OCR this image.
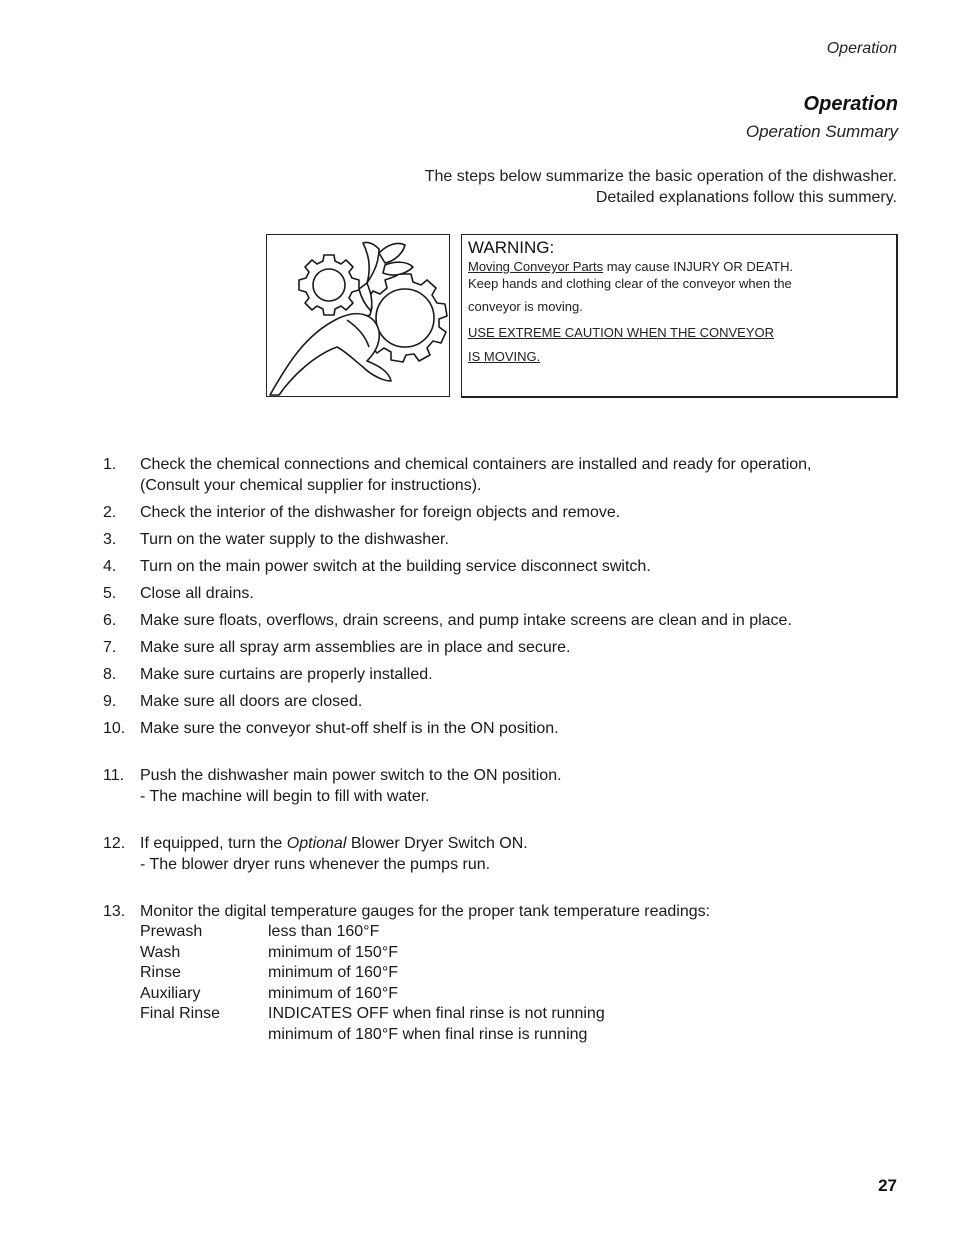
Operation
Operation
Operation Summary
The steps below summarize the basic operation of the dishwasher.
Detailed explanations follow this summery.
WARNING:
Moving Conveyor Parts may cause INJURY OR DEATH.
Keep hands and clothing clear of the conveyor when the
conveyor is moving.
USE EXTREME CAUTION WHEN THE CONVEYOR
IS MOVING.
1.	Check the chemical connections and chemical containers are installed and ready for operation,
(Consult your chemical supplier for instructions).
2.	Check the interior of the dishwasher for foreign objects and remove.
3.	Turn on the water supply to the dishwasher.
4.	Turn on the main power switch at the building service disconnect switch.
5.	Close all drains.
6.	Make sure floats, overflows, drain screens, and pump intake screens are clean and in place.
7.	Make sure all spray arm assemblies are in place and secure.
8.	Make sure curtains are properly installed.
9.	Make sure all doors are closed.
10. Make sure the conveyor shut-off shelf is in the ON position.
11. Push the dishwasher main power switch to the ON position.
- The machine will begin to fill with water.
12. If equipped, turn the Optional Blower Dryer Switch ON.
- The blower dryer runs whenever the pumps run.
13. Monitor the digital temperature gauges for the proper tank temperature readings:
Prewash	less than 160°F
Wash	minimum of 150°F
Rinse	minimum of 160°F
Auxiliary	minimum of 160°F
Final Rinse	INDICATES OFF when final rinse is not running
minimum of 180°F when final rinse is running
27
